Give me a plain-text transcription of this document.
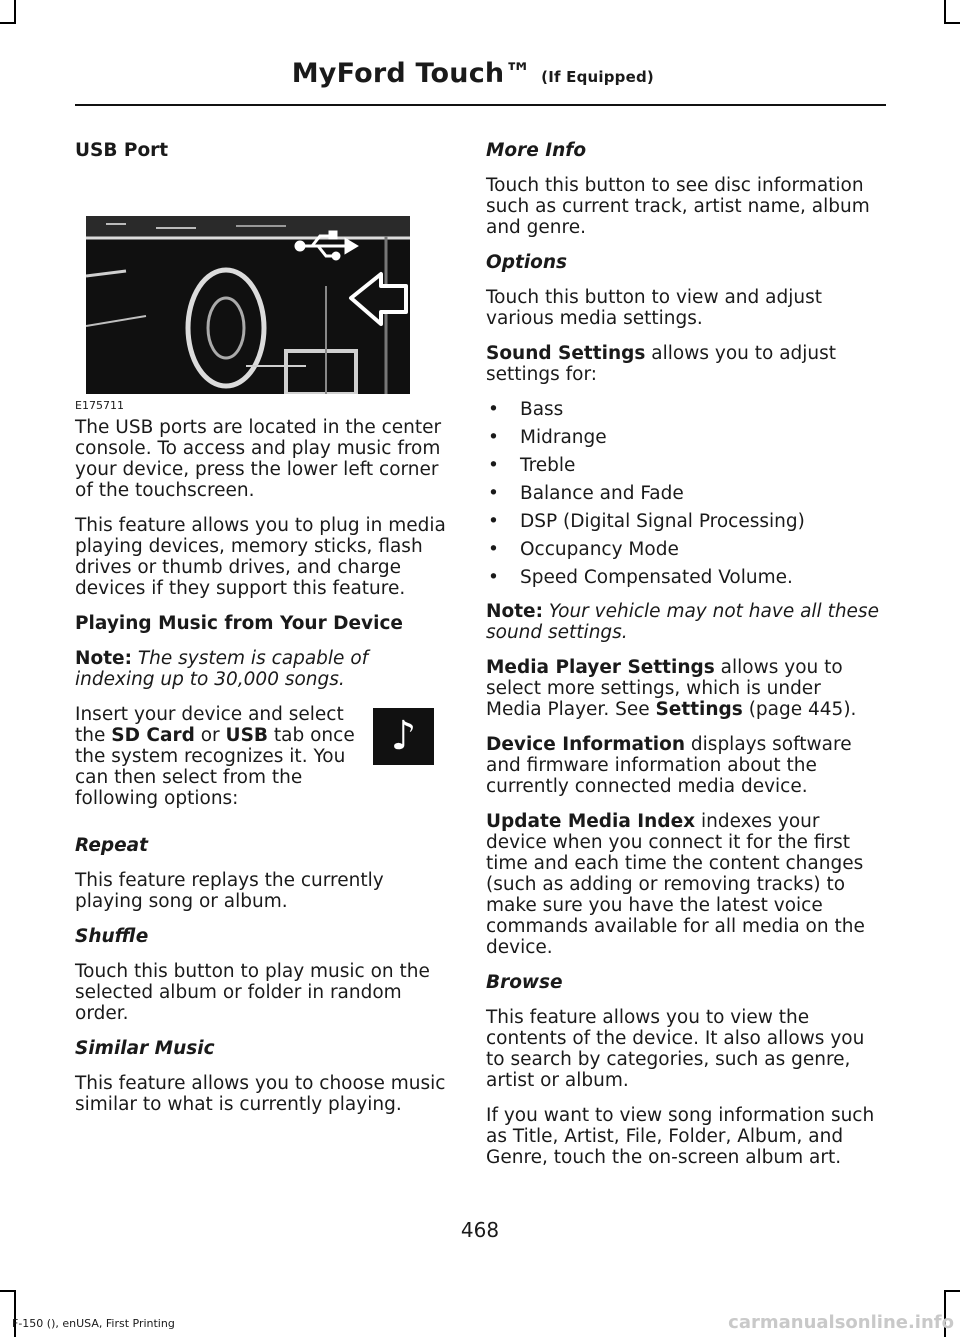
MyFord Touch™ (If Equipped)
USB Port
E175711

The USB ports are located in the center console. To access and play music from your device, press the lower left corner of the touchscreen.

This feature allows you to plug in media playing devices, memory sticks, flash drives or thumb drives, and charge devices if they support this feature.

Playing Music from Your Device

Note: The system is capable of indexing up to 30,000 songs.

♪
Insert your device and select the SD Card or USB tab once the system recognizes it. You can then select from the following options:
Repeat

This feature replays the currently playing song or album.

Shuffle

Touch this button to play music on the selected album or folder in random order.

Similar Music

This feature allows you to choose music similar to what is currently playing.

More Info

Touch this button to see disc information such as current track, artist name, album and genre.

Options

Touch this button to view and adjust various media settings.

Sound Settings allows you to adjust settings for:

• Bass
• Midrange
• Treble
• Balance and Fade
• DSP (Digital Signal Processing)
• Occupancy Mode
• Speed Compensated Volume.

Note: Your vehicle may not have all these sound settings.

Media Player Settings allows you to select more settings, which is under Media Player. See Settings (page 445).

Device Information displays software and firmware information about the currently connected media device.

Update Media Index indexes your device when you connect it for the first time and each time the content changes (such as adding or removing tracks) to make sure you have the latest voice commands available for all media on the device.

Browse

This feature allows you to view the contents of the device. It also allows you to search by categories, such as genre, artist or album.

If you want to view song information such as Title, Artist, File, Folder, Album, and Genre, touch the on-screen album art.

468
F-150 (), enUSA, First Printing	carmanualsonline.info
